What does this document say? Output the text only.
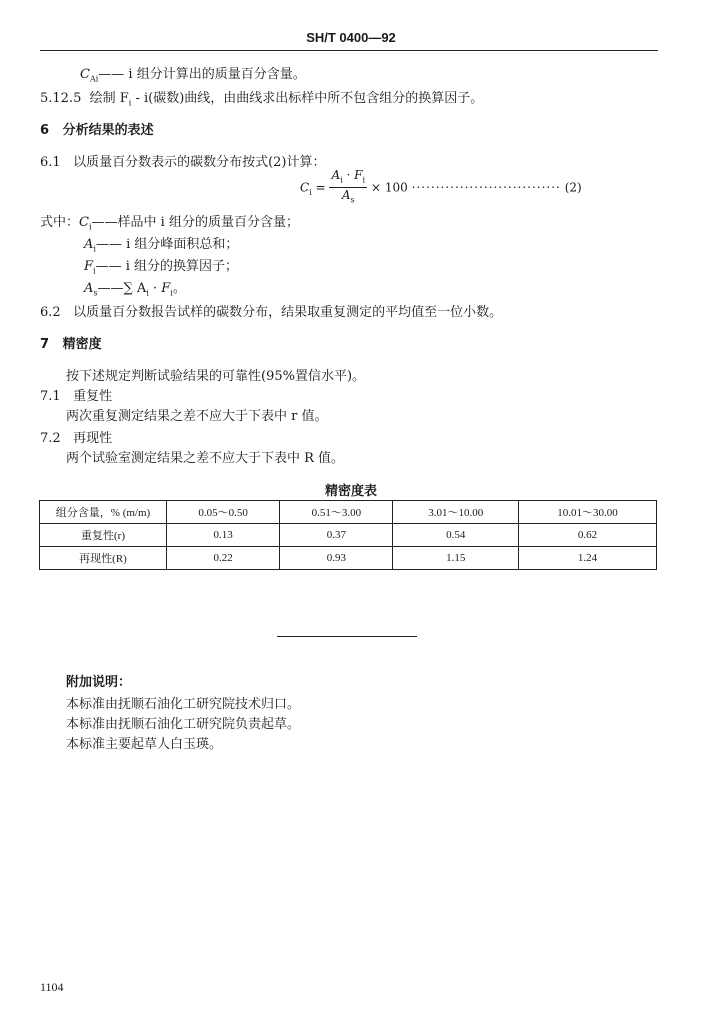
SH/T 0400—92
$C_{Ai}——$ i 组分计算出的质量百分含量。
5.12.5 绘制 $F_i - i$(碳数)曲线，由曲线求出标样中所不包含组分的换算因子。
6 分析结果的表述
6.1 以质量百分数表示的碳数分布按式(2)计算：
$C_i = \frac{A_i \cdot F_i}{A_s} \times 100$ ······························· (2)
式中：$C_i——$样品中 i 组分的质量百分含量；
$A_i——$ i 组分峰面积总和；
$F_i——$ i 组分的换算因子；
$A_s——\sum$ $A_i \cdot F_i$。
6.2 以质量百分数报告试样的碳数分布，结果取重复测定的平均值至一位小数。
7 精密度
按下述规定判断试验结果的可靠性(95%置信水平)。
7.1 重复性
两次重复测定结果之差不应大于下表中 r 值。
7.2 再现性
两个试验室测定结果之差不应大于下表中 R 值。
精密度表
组分含量，% (m/m)	0.05～0.50	0.51～3.00	3.01～10.00	10.01～30.00
重复性(r)	0.13	0.37	0.54	0.62
再现性(R)	0.22	0.93	1.15	1.24
附加说明：
本标准由抚顺石油化工研究院技术归口。
本标准由抚顺石油化工研究院负责起草。
本标准主要起草人白玉瑛。
1104
